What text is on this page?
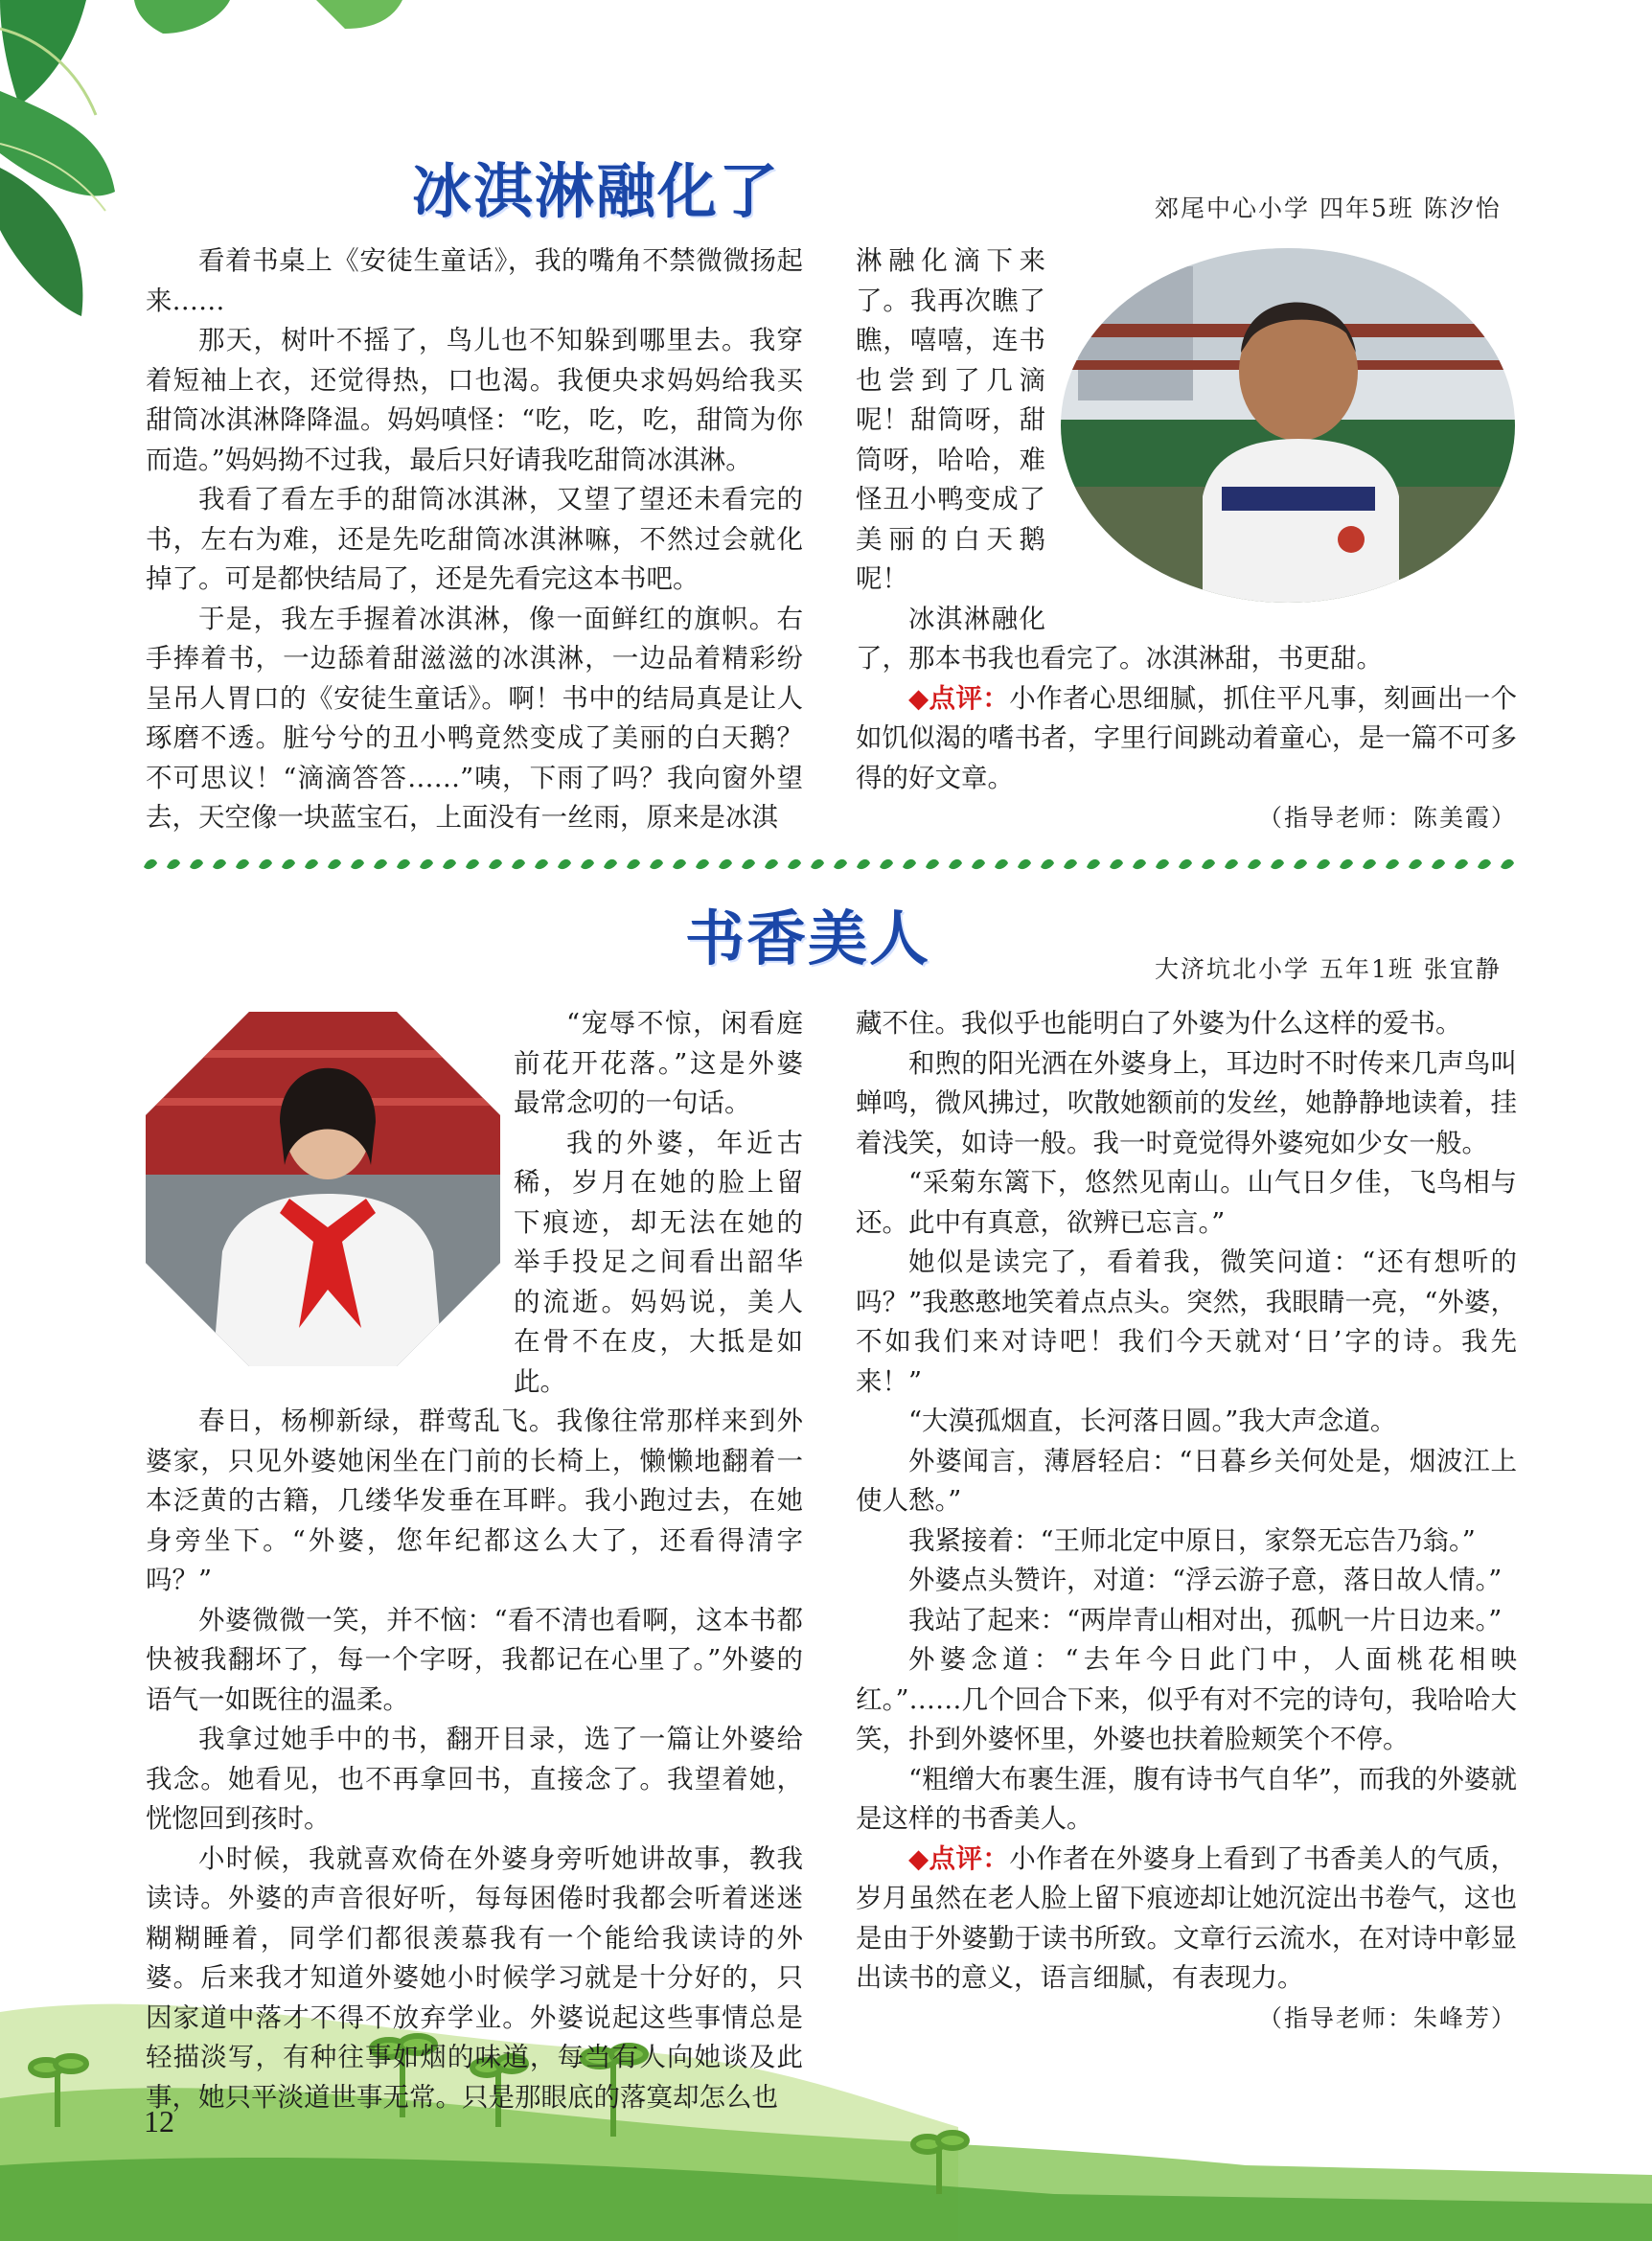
冰淇淋融化了	郊尾中心小学 四年5班 陈汐怡

看着书桌上《安徒生童话》，我的嘴角不禁微微扬起来……

那天，树叶不摇了，鸟儿也不知躲到哪里去。我穿着短袖上衣，还觉得热，口也渴。我便央求妈妈给我买甜筒冰淇淋降降温。妈妈嗔怪：“吃，吃，吃，甜筒为你而造。”妈妈拗不过我，最后只好请我吃甜筒冰淇淋。

我看了看左手的甜筒冰淇淋，又望了望还未看完的书，左右为难，还是先吃甜筒冰淇淋嘛，不然过会就化掉了。可是都快结局了，还是先看完这本书吧。

于是，我左手握着冰淇淋，像一面鲜红的旗帜。右手捧着书，一边舔着甜滋滋的冰淇淋，一边品着精彩纷呈吊人胃口的《安徒生童话》。啊！书中的结局真是让人琢磨不透。脏兮兮的丑小鸭竟然变成了美丽的白天鹅？不可思议！“滴滴答答……”咦，下雨了吗？我向窗外望去，天空像一块蓝宝石，上面没有一丝雨，原来是冰淇

淋融化滴下来了。我再次瞧了瞧，嘻嘻，连书也尝到了几滴呢！甜筒呀，甜筒呀，哈哈，难怪丑小鸭变成了美丽的白天鹅呢！

冰淇淋融化了，那本书我也看完了。冰淇淋甜，书更甜。

◆点评：小作者心思细腻，抓住平凡事，刻画出一个如饥似渴的嗜书者，字里行间跳动着童心，是一篇不可多得的好文章。

（指导老师：陈美霞）
书香美人	大济坑北小学 五年1班 张宜静

“宠辱不惊，闲看庭前花开花落。”这是外婆最常念叨的一句话。

我的外婆，年近古稀，岁月在她的脸上留下痕迹，却无法在她的举手投足之间看出韶华的流逝。妈妈说，美人在骨不在皮，大抵是如此。

春日，杨柳新绿，群莺乱飞。我像往常那样来到外婆家，只见外婆她闲坐在门前的长椅上，懒懒地翻着一本泛黄的古籍，几缕华发垂在耳畔。我小跑过去，在她身旁坐下。“外婆，您年纪都这么大了，还看得清字吗？”

外婆微微一笑，并不恼：“看不清也看啊，这本书都快被我翻坏了，每一个字呀，我都记在心里了。”外婆的语气一如既往的温柔。

我拿过她手中的书，翻开目录，选了一篇让外婆给我念。她看见，也不再拿回书，直接念了。我望着她，恍惚回到孩时。

小时候，我就喜欢倚在外婆身旁听她讲故事，教我读诗。外婆的声音很好听，每每困倦时我都会听着迷迷糊糊睡着，同学们都很羡慕我有一个能给我读诗的外婆。后来我才知道外婆她小时候学习就是十分好的，只因家道中落才不得不放弃学业。外婆说起这些事情总是轻描淡写，有种往事如烟的味道，每当有人向她谈及此事，她只平淡道世事无常。只是那眼底的落寞却怎么也

藏不住。我似乎也能明白了外婆为什么这样的爱书。

和煦的阳光洒在外婆身上，耳边时不时传来几声鸟叫蝉鸣，微风拂过，吹散她额前的发丝，她静静地读着，挂着浅笑，如诗一般。我一时竟觉得外婆宛如少女一般。

“采菊东篱下，悠然见南山。山气日夕佳，飞鸟相与还。此中有真意，欲辨已忘言。”

她似是读完了，看着我，微笑问道：“还有想听的吗？”我憨憨地笑着点点头。突然，我眼睛一亮，“外婆，不如我们来对诗吧！我们今天就对‘日’字的诗。我先来！”

“大漠孤烟直，长河落日圆。”我大声念道。

外婆闻言，薄唇轻启：“日暮乡关何处是，烟波江上使人愁。”

我紧接着：“王师北定中原日，家祭无忘告乃翁。”

外婆点头赞许，对道：“浮云游子意，落日故人情。”

我站了起来：“两岸青山相对出，孤帆一片日边来。”

外婆念道：“去年今日此门中，人面桃花相映红。”……几个回合下来，似乎有对不完的诗句，我哈哈大笑，扑到外婆怀里，外婆也扶着脸颊笑个不停。

“粗缯大布裹生涯，腹有诗书气自华”，而我的外婆就是这样的书香美人。

◆点评：小作者在外婆身上看到了书香美人的气质，岁月虽然在老人脸上留下痕迹却让她沉淀出书卷气，这也是由于外婆勤于读书所致。文章行云流水，在对诗中彰显出读书的意义，语言细腻，有表现力。

（指导老师：朱峰芳）
12
